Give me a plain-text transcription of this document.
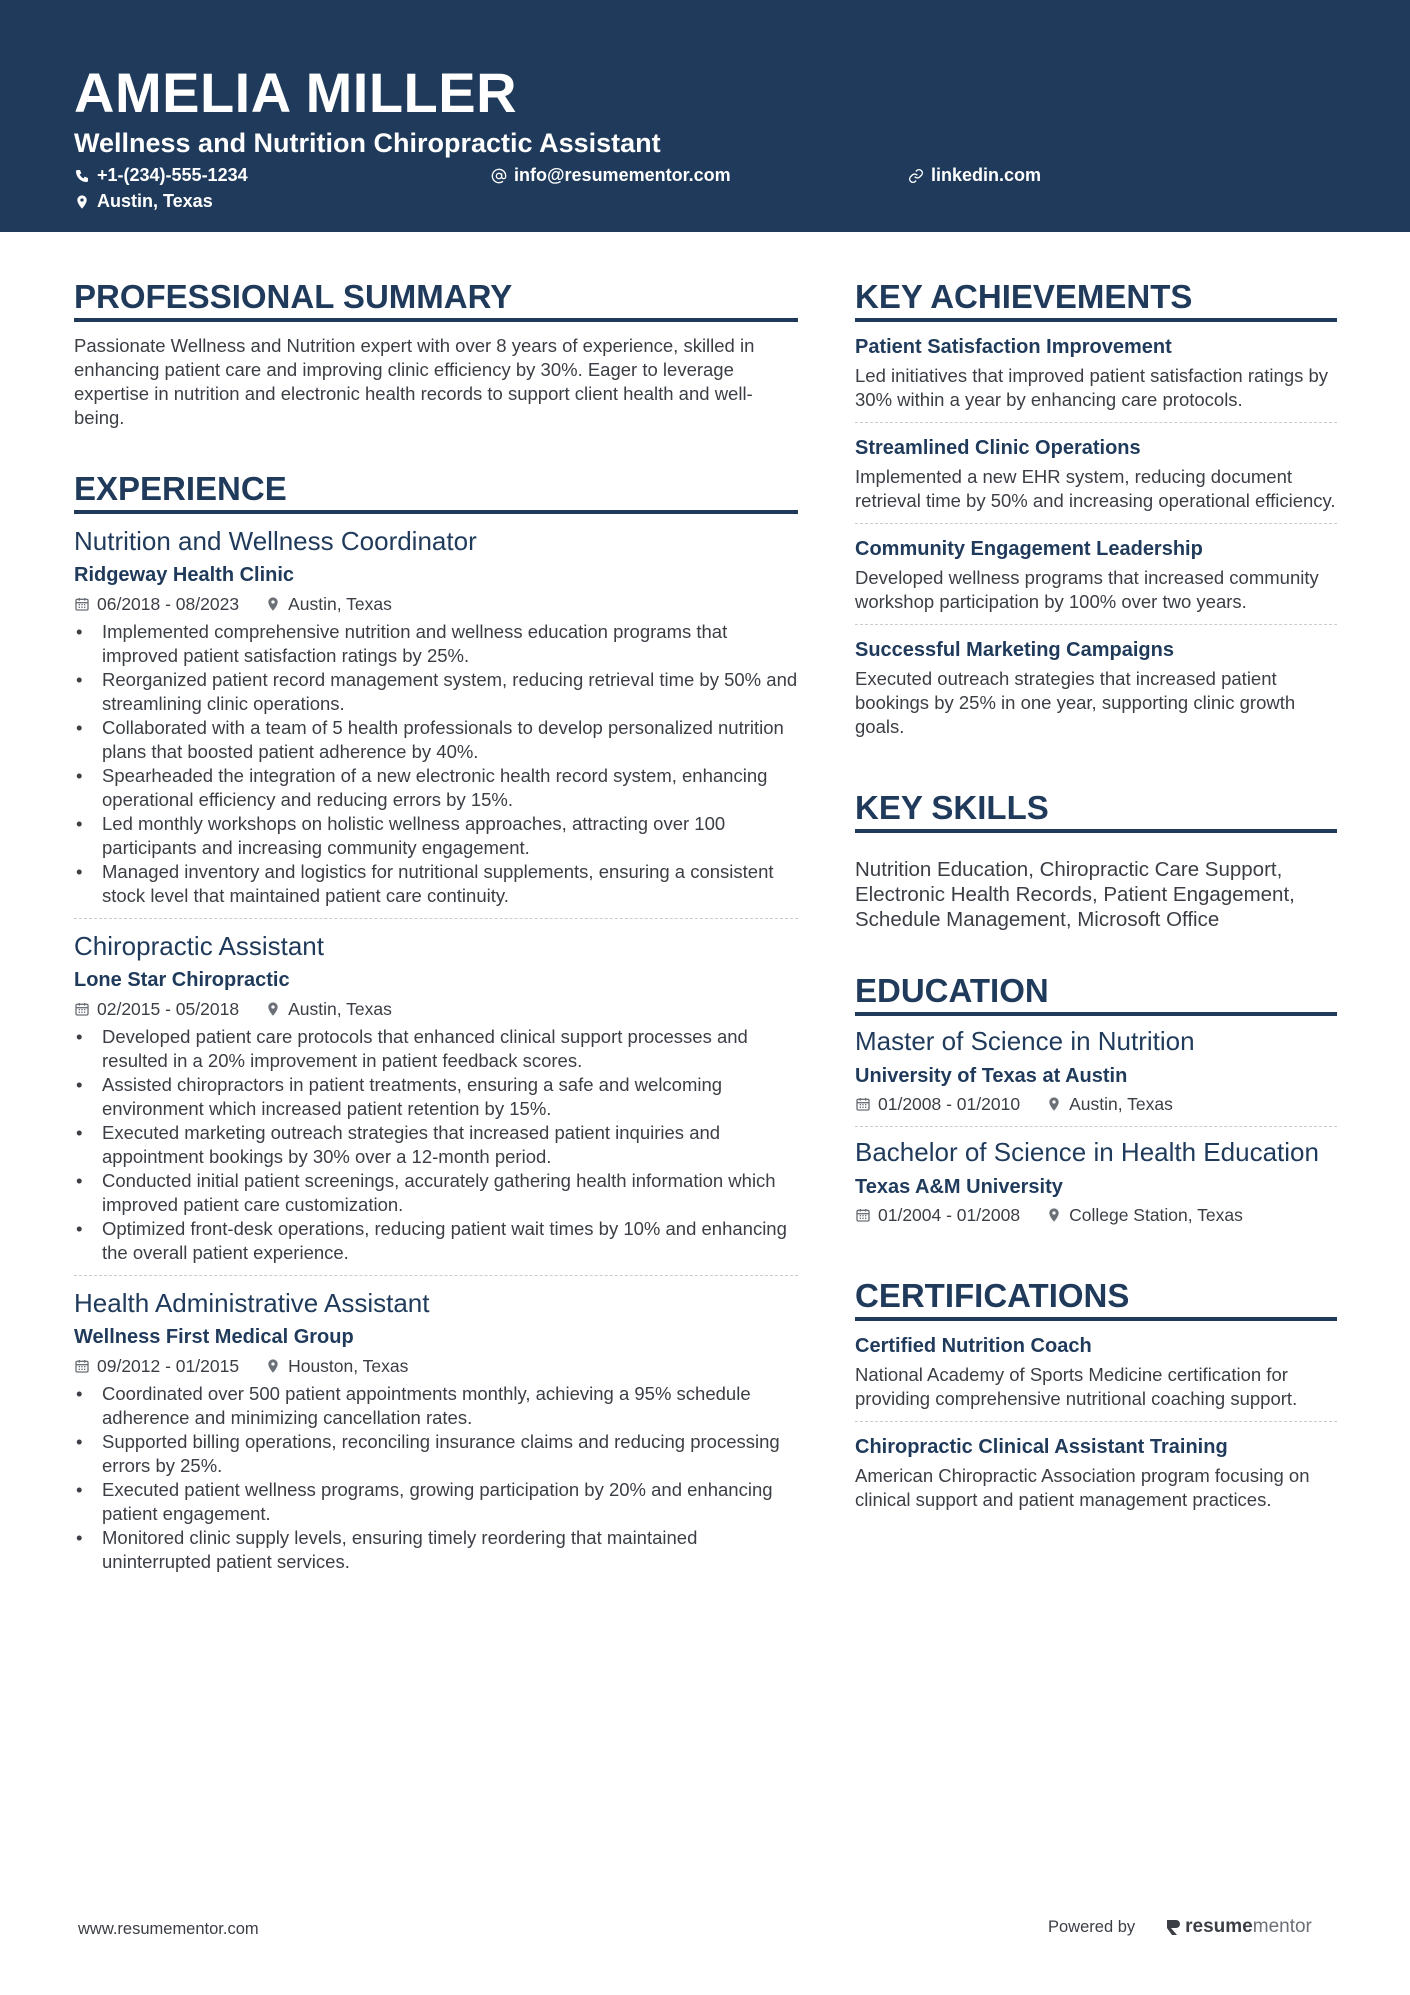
AMELIA MILLER
Wellness and Nutrition Chiropractic Assistant
+1-(234)-555-1234	info@resumementor.com	linkedin.com
Austin, Texas
PROFESSIONAL SUMMARY
Passionate Wellness and Nutrition expert with over 8 years of experience, skilled in enhancing patient care and improving clinic efficiency by 30%. Eager to leverage expertise in nutrition and electronic health records to support client health and well-being.
EXPERIENCE
Nutrition and Wellness Coordinator
Ridgeway Health Clinic
06/2018 - 08/2023	Austin, Texas
• Implemented comprehensive nutrition and wellness education programs that improved patient satisfaction ratings by 25%.
• Reorganized patient record management system, reducing retrieval time by 50% and streamlining clinic operations.
• Collaborated with a team of 5 health professionals to develop personalized nutrition plans that boosted patient adherence by 40%.
• Spearheaded the integration of a new electronic health record system, enhancing operational efficiency and reducing errors by 15%.
• Led monthly workshops on holistic wellness approaches, attracting over 100 participants and increasing community engagement.
• Managed inventory and logistics for nutritional supplements, ensuring a consistent stock level that maintained patient care continuity.
Chiropractic Assistant
Lone Star Chiropractic
02/2015 - 05/2018	Austin, Texas
• Developed patient care protocols that enhanced clinical support processes and resulted in a 20% improvement in patient feedback scores.
• Assisted chiropractors in patient treatments, ensuring a safe and welcoming environment which increased patient retention by 15%.
• Executed marketing outreach strategies that increased patient inquiries and appointment bookings by 30% over a 12-month period.
• Conducted initial patient screenings, accurately gathering health information which improved patient care customization.
• Optimized front-desk operations, reducing patient wait times by 10% and enhancing the overall patient experience.
Health Administrative Assistant
Wellness First Medical Group
09/2012 - 01/2015	Houston, Texas
• Coordinated over 500 patient appointments monthly, achieving a 95% schedule adherence and minimizing cancellation rates.
• Supported billing operations, reconciling insurance claims and reducing processing errors by 25%.
• Executed patient wellness programs, growing participation by 20% and enhancing patient engagement.
• Monitored clinic supply levels, ensuring timely reordering that maintained uninterrupted patient services.
KEY ACHIEVEMENTS
Patient Satisfaction Improvement
Led initiatives that improved patient satisfaction ratings by 30% within a year by enhancing care protocols.
Streamlined Clinic Operations
Implemented a new EHR system, reducing document retrieval time by 50% and increasing operational efficiency.
Community Engagement Leadership
Developed wellness programs that increased community workshop participation by 100% over two years.
Successful Marketing Campaigns
Executed outreach strategies that increased patient bookings by 25% in one year, supporting clinic growth goals.
KEY SKILLS
Nutrition Education, Chiropractic Care Support, Electronic Health Records, Patient Engagement, Schedule Management, Microsoft Office
EDUCATION
Master of Science in Nutrition
University of Texas at Austin
01/2008 - 01/2010	Austin, Texas
Bachelor of Science in Health Education
Texas A&M University
01/2004 - 01/2008	College Station, Texas
CERTIFICATIONS
Certified Nutrition Coach
National Academy of Sports Medicine certification for providing comprehensive nutritional coaching support.
Chiropractic Clinical Assistant Training
American Chiropractic Association program focusing on clinical support and patient management practices.
www.resumementor.com	Powered by	resume mentor
